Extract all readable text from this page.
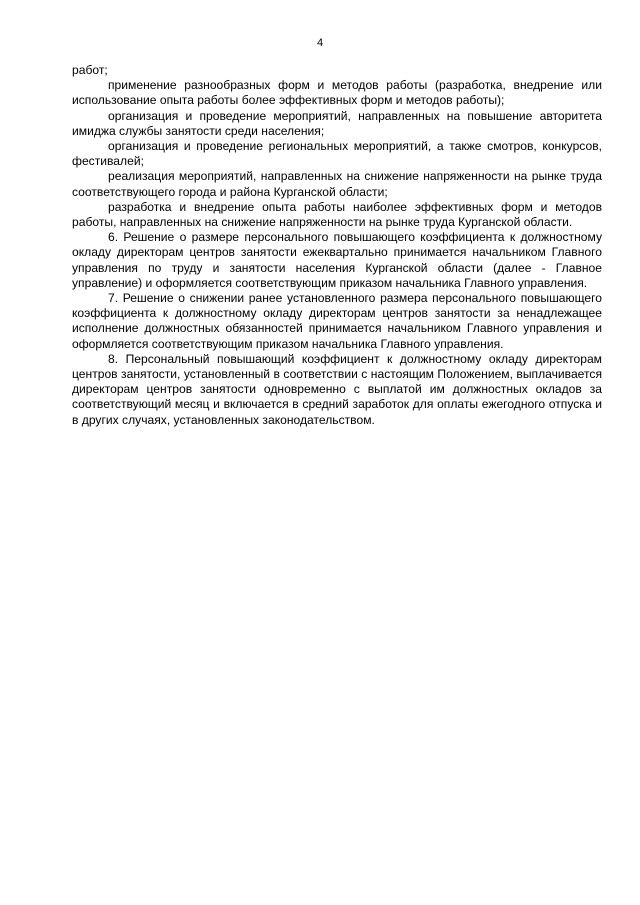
4

работ;

применение разнообразных форм и методов работы (разработка, внедрение или использование опыта работы более эффективных форм и методов работы);

организация и проведение мероприятий, направленных на повышение авторитета имиджа службы занятости среди населения;

организация и проведение региональных мероприятий, а также смотров, конкурсов, фестивалей;

реализация мероприятий, направленных на снижение напряженности на рынке труда соответствующего города и района Курганской области;

разработка и внедрение опыта работы наиболее эффективных форм и методов работы, направленных на снижение напряженности на рынке труда Курганской области.

6. Решение о размере персонального повышающего коэффициента к должностному окладу директорам центров занятости ежеквартально принимается начальником Главного управления по труду и занятости населения Курганской области (далее - Главное управление) и оформляется соответствующим приказом начальника Главного управления.

7. Решение о снижении ранее установленного размера персонального повышающего коэффициента к должностному окладу директорам центров занятости за ненадлежащее исполнение должностных обязанностей принимается начальником Главного управления и оформляется соответствующим приказом начальника Главного управления.

8. Персональный повышающий коэффициент к должностному окладу директорам центров занятости, установленный в соответствии с настоящим Положением, выплачивается директорам центров занятости одновременно с выплатой им должностных окладов за соответствующий месяц и включается в средний заработок для оплаты ежегодного отпуска и в других случаях, установленных законодательством.
